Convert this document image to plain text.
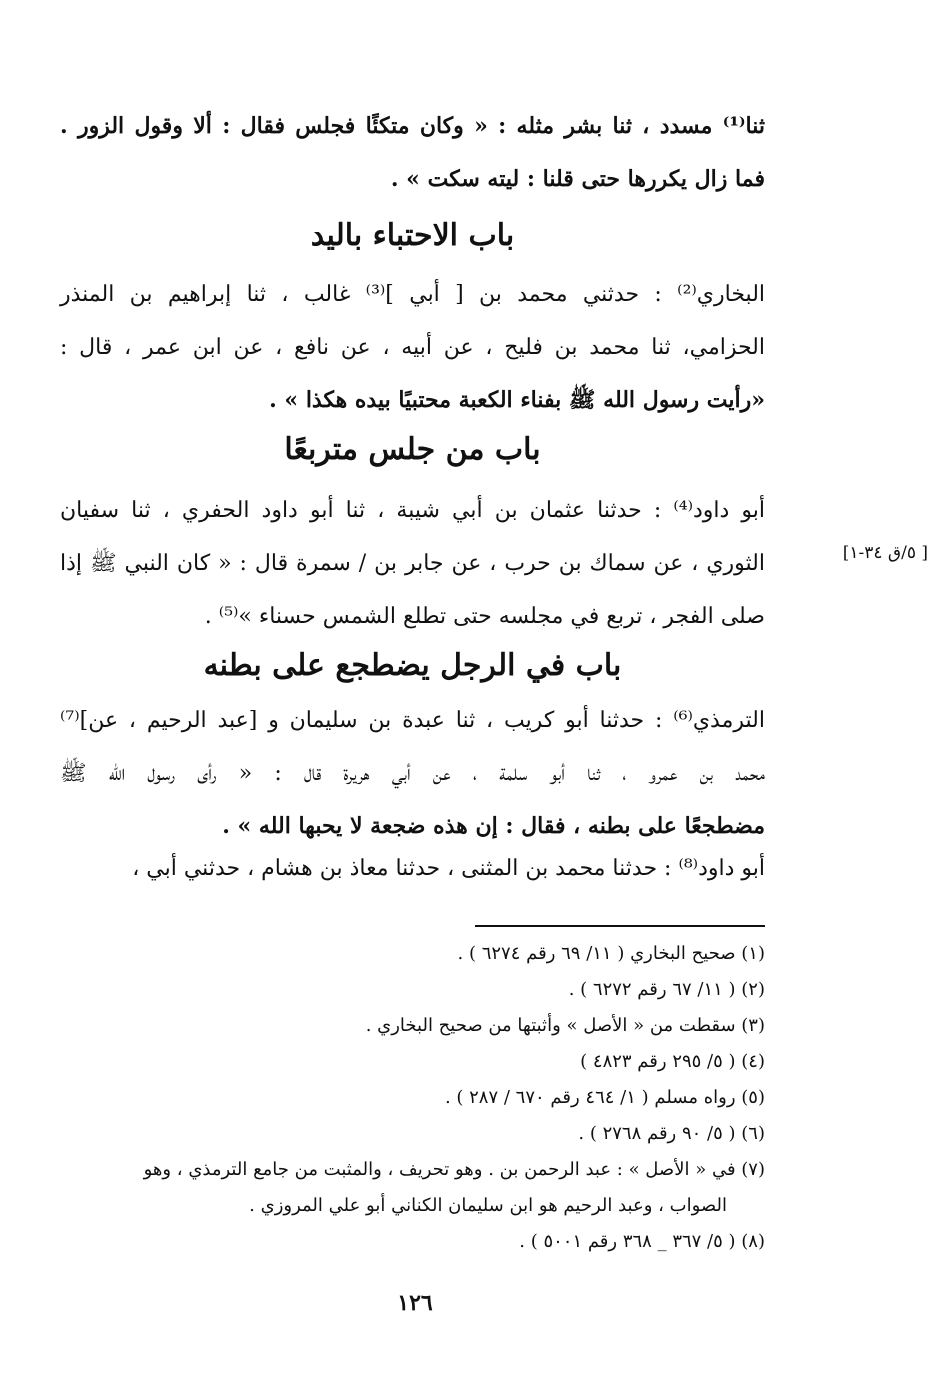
ثنا⁽¹⁾ مسدد ، ثنا بشر مثله : « وكان متكئًا فجلس فقال : ألا وقول الزور .
فما زال يكررها حتى قلنا : ليته سكت » .
باب الاحتباء باليد
البخاري⁽²⁾ : حدثني محمد بن [ أبي ]⁽³⁾ غالب ، ثنا إبراهيم بن المنذر
الحزامي، ثنا محمد بن فليح ، عن أبيه ، عن نافع ، عن ابن عمر ، قال :
«رأيت رسول الله ﷺ بفناء الكعبة محتبيًا بيده هكذا » .
باب من جلس متربعًا
أبو داود⁽⁴⁾ : حدثنا عثمان بن أبي شيبة ، ثنا أبو داود الحفري ، ثنا سفيان
الثوري ، عن سماك بن حرب ، عن جابر بن / سمرة قال : « كان النبي ﷺ إذا
صلى الفجر ، تربع في مجلسه حتى تطلع الشمس حسناء »⁽⁵⁾ .
[ ٥/ق ٣٤-١]
باب في الرجل يضطجع على بطنه
الترمذي⁽⁶⁾ : حدثنا أبو كريب ، ثنا عبدة بن سليمان و [عبد الرحيم ، عن]⁽⁷⁾
محمد بن عمرو ، ثنا أبو سلمة ، عن أبي هريرة قال : « رأى رسول الله ﷺ
مضطجعًا على بطنه ، فقال : إن هذه ضجعة لا يحبها الله » .
أبو داود⁽⁸⁾ : حدثنا محمد بن المثنى ، حدثنا معاذ بن هشام ، حدثني أبي ،
(١) صحيح البخاري ( ١١/ ٦٩ رقم ٦٢٧٤ ) .
(٢) ( ١١/ ٦٧ رقم ٦٢٧٢ ) .
(٣) سقطت من « الأصل » وأثبتها من صحيح البخاري .
(٤) ( ٥/ ٢٩٥ رقم ٤٨٢٣ )
(٥) رواه مسلم ( ١/ ٤٦٤ رقم ٦٧٠ / ٢٨٧ ) .
(٦) ( ٥/ ٩٠ رقم ٢٧٦٨ ) .
(٧) في « الأصل » : عبد الرحمن بن . وهو تحريف ، والمثبت من جامع الترمذي ، وهو
الصواب ، وعبد الرحيم هو ابن سليمان الكناني أبو علي المروزي .
(٨) ( ٥/ ٣٦٧ _ ٣٦٨ رقم ٥٠٠١ ) .
١٢٦
